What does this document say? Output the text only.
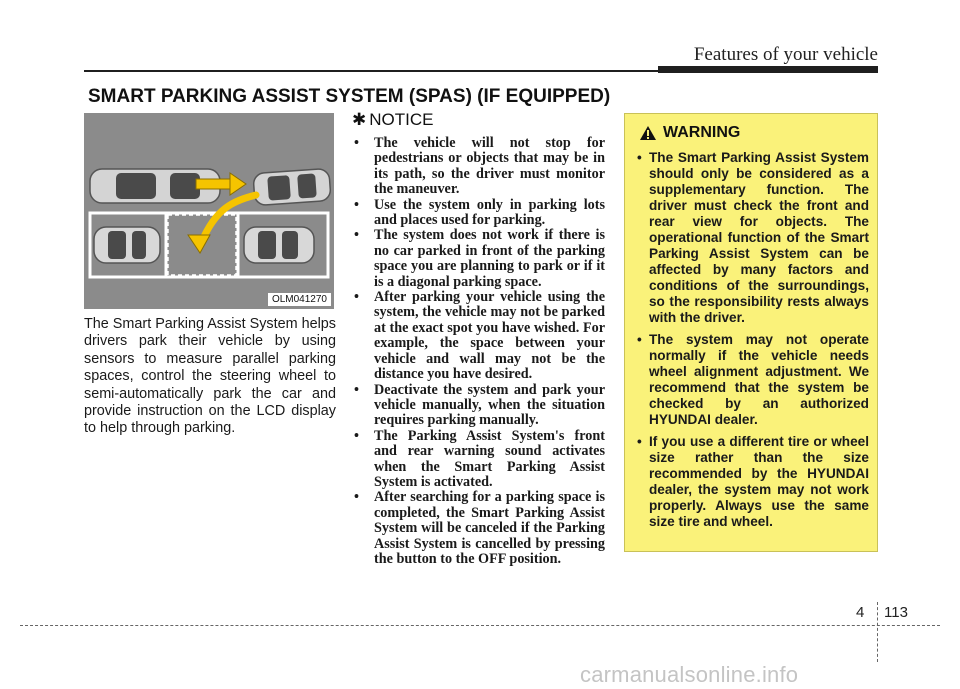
Features of your vehicle
SMART PARKING ASSIST SYSTEM (SPAS) (IF EQUIPPED)
OLM041270
The Smart Parking Assist System helps drivers park their vehicle by using sensors to measure parallel parking spaces, control the steering wheel to semi-automatically park the car and provide instruction on the LCD display to help through parking.
✱ NOTICE
• The vehicle will not stop for pedestrians or objects that may be in its path, so the driver must monitor the maneuver.
• Use the system only in parking lots and places used for parking.
• The system does not work if there is no car parked in front of the parking space you are planning to park or if it is a diagonal parking space.
• After parking your vehicle using the system, the vehicle may not be parked at the exact spot you have wished. For example, the space between your vehicle and wall may not be the distance you have desired.
• Deactivate the system and park your vehicle manually, when the situation requires parking manually.
• The Parking Assist System's front and rear warning sound activates when the Smart Parking Assist System is activated.
• After searching for a parking space is completed, the Smart Parking Assist System will be canceled if the Parking Assist System is cancelled by pressing the button to the OFF position.
WARNING
• The Smart Parking Assist System should only be considered as a supplementary function. The driver must check the front and rear view for objects. The operational function of the Smart Parking Assist System can be affected by many factors and conditions of the surroundings, so the responsibility rests always with the driver.
• The system may not operate normally if the vehicle needs wheel alignment adjustment. We recommend that the system be checked by an authorized HYUNDAI dealer.
• If you use a different tire or wheel size rather than the size recommended by the HYUNDAI dealer, the system may not work properly. Always use the same size tire and wheel.
4 113
carmanualsonline.info
